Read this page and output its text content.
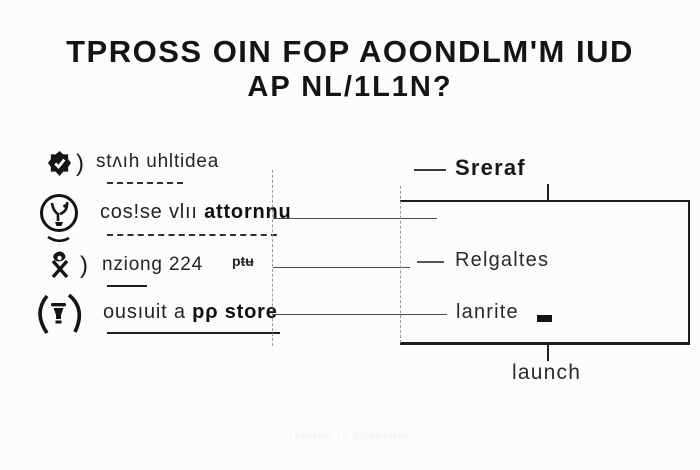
TPROSS OIN FOP AOONDLM'M IUD
AP NL/1L1N?
) stʌıh uhltidea
cos!se vlıı attornnu
) nziong 224 pŧʉ
ousıuit a pρ store
Sreraf
Relgaltes
lanrite
launch
ınnıınıı ıs cıınkzıını
